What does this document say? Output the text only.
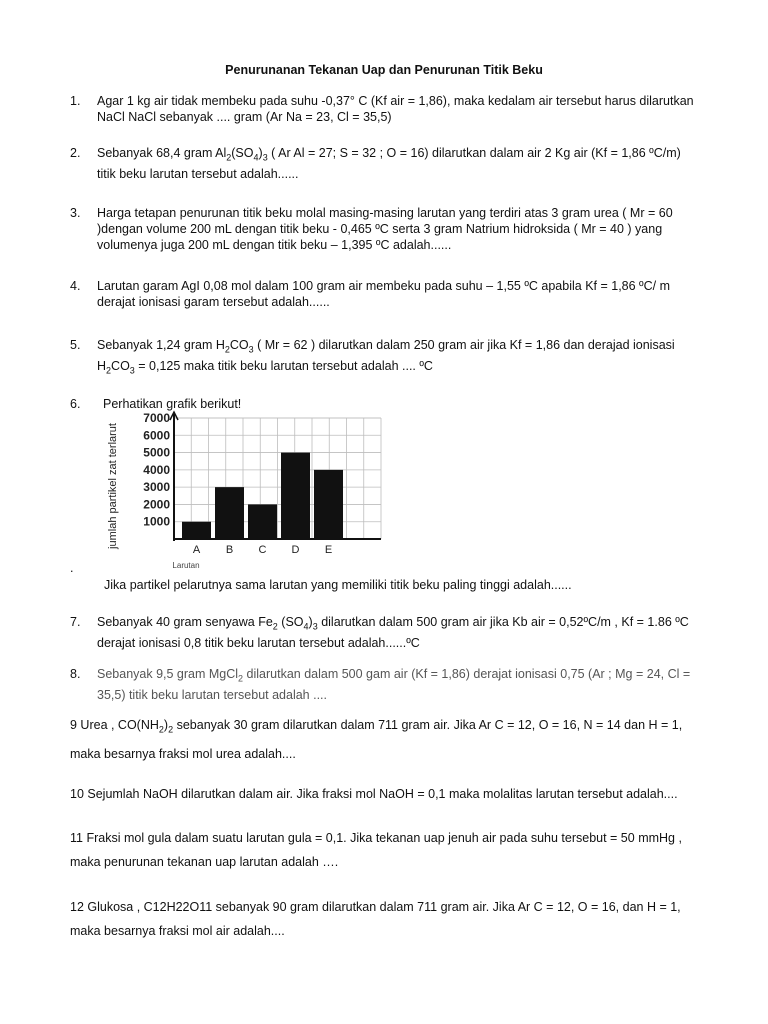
Penurunanan Tekanan Uap dan Penurunan Titik Beku
1. Agar 1 kg air tidak membeku pada suhu -0,37° C (Kf air = 1,86), maka kedalam air tersebut harus dilarutkan
NaCl NaCl sebanyak .... gram (Ar Na = 23, Cl = 35,5)
2. Sebanyak 68,4 gram $Al_2(SO_4)_3$ ( Ar Al = 27; S = 32 ; O = 16) dilarutkan dalam air 2 Kg air (Kf = 1,86 ºC/m)
titik beku larutan tersebut adalah......
3. Harga tetapan penurunan titik beku molal masing-masing larutan yang terdiri atas 3 gram urea ( Mr = 60
)dengan volume 200 mL dengan titik beku - 0,465 ºC serta 3 gram Natrium hidroksida ( Mr = 40 ) yang
volumenya juga 200 mL dengan titik beku – 1,395 ºC adalah......
4. Larutan garam AgI 0,08 mol dalam 100 gram air membeku pada suhu – 1,55 ºC apabila Kf = 1,86 ºC/ m
derajat ionisasi garam tersebut adalah......
5. Sebanyak 1,24 gram $H_2CO_3$ ( Mr = 62 ) dilarutkan dalam 250 gram air jika Kf = 1,86 dan derajad ionisasi
$H_2CO_3 = 0,125$ maka titik beku larutan tersebut adalah .... ºC
6. Perhatikan grafik berikut!
1000
2000
3000
4000
5000
6000
7000
A B C D E
jumlah partikel zat terlarut
Larutan
.
Jika partikel pelarutnya sama larutan yang memiliki titik beku paling tinggi adalah......
7. Sebanyak 40 gram senyawa $Fe_2$ $(SO_4)_3$ dilarutkan dalam 500 gram air jika Kb air = 0,52ºC/m , Kf = 1.86 ºC
derajat ionisasi 0,8 titik beku larutan tersebut adalah......ºC
8. Sebanyak 9,5 gram MgCl$_2$ dilarutkan dalam 500 gam air (Kf = 1,86) derajat ionisasi 0,75 (Ar ; Mg = 24, Cl =
35,5) titik beku larutan tersebut adalah ....
9 Urea , $CO(NH_2)_2$ sebanyak 30 gram dilarutkan dalam 711 gram air. Jika Ar C = 12, O = 16, N = 14 dan H = 1,
maka besarnya fraksi mol urea adalah....
10 Sejumlah NaOH dilarutkan dalam air. Jika fraksi mol NaOH = 0,1 maka molalitas larutan tersebut adalah....
11 Fraksi mol gula dalam suatu larutan gula = 0,1. Jika tekanan uap jenuh air pada suhu tersebut = 50 mmHg ,
maka penurunan tekanan uap larutan adalah ….
12 Glukosa , C12H22O11 sebanyak 90 gram dilarutkan dalam 711 gram air. Jika Ar C = 12, O = 16, dan H = 1,
maka besarnya fraksi mol air adalah....
